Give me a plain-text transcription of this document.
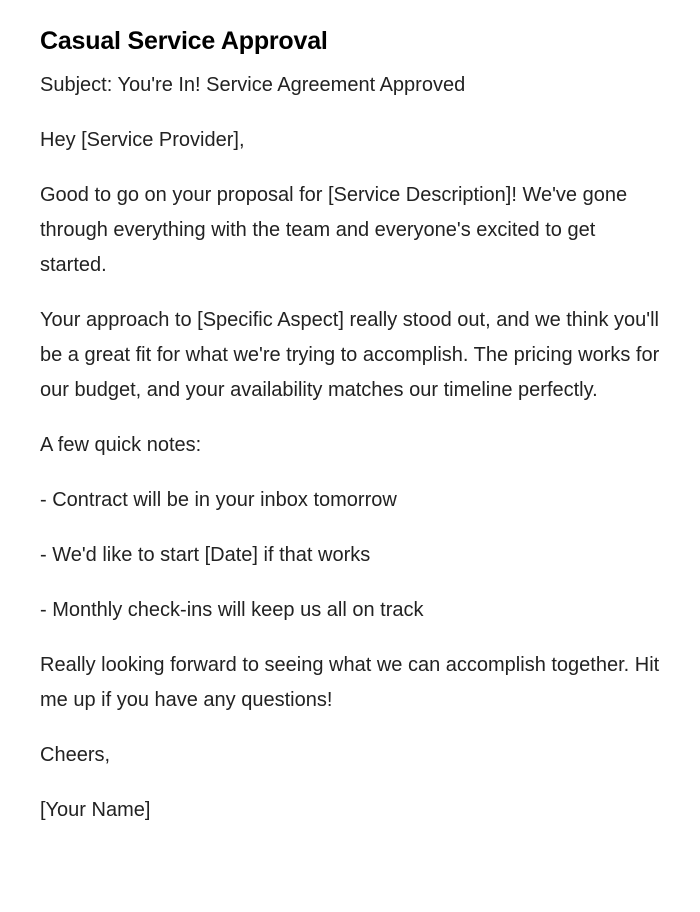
Casual Service Approval

Subject: You're In! Service Agreement Approved

Hey [Service Provider],

Good to go on your proposal for [Service Description]! We've gone through everything with the team and everyone's excited to get started.

Your approach to [Specific Aspect] really stood out, and we think you'll be a great fit for what we're trying to accomplish. The pricing works for our budget, and your availability matches our timeline perfectly.

A few quick notes:

- Contract will be in your inbox tomorrow

- We'd like to start [Date] if that works

- Monthly check-ins will keep us all on track

Really looking forward to seeing what we can accomplish together. Hit me up if you have any questions!

Cheers,

[Your Name]
